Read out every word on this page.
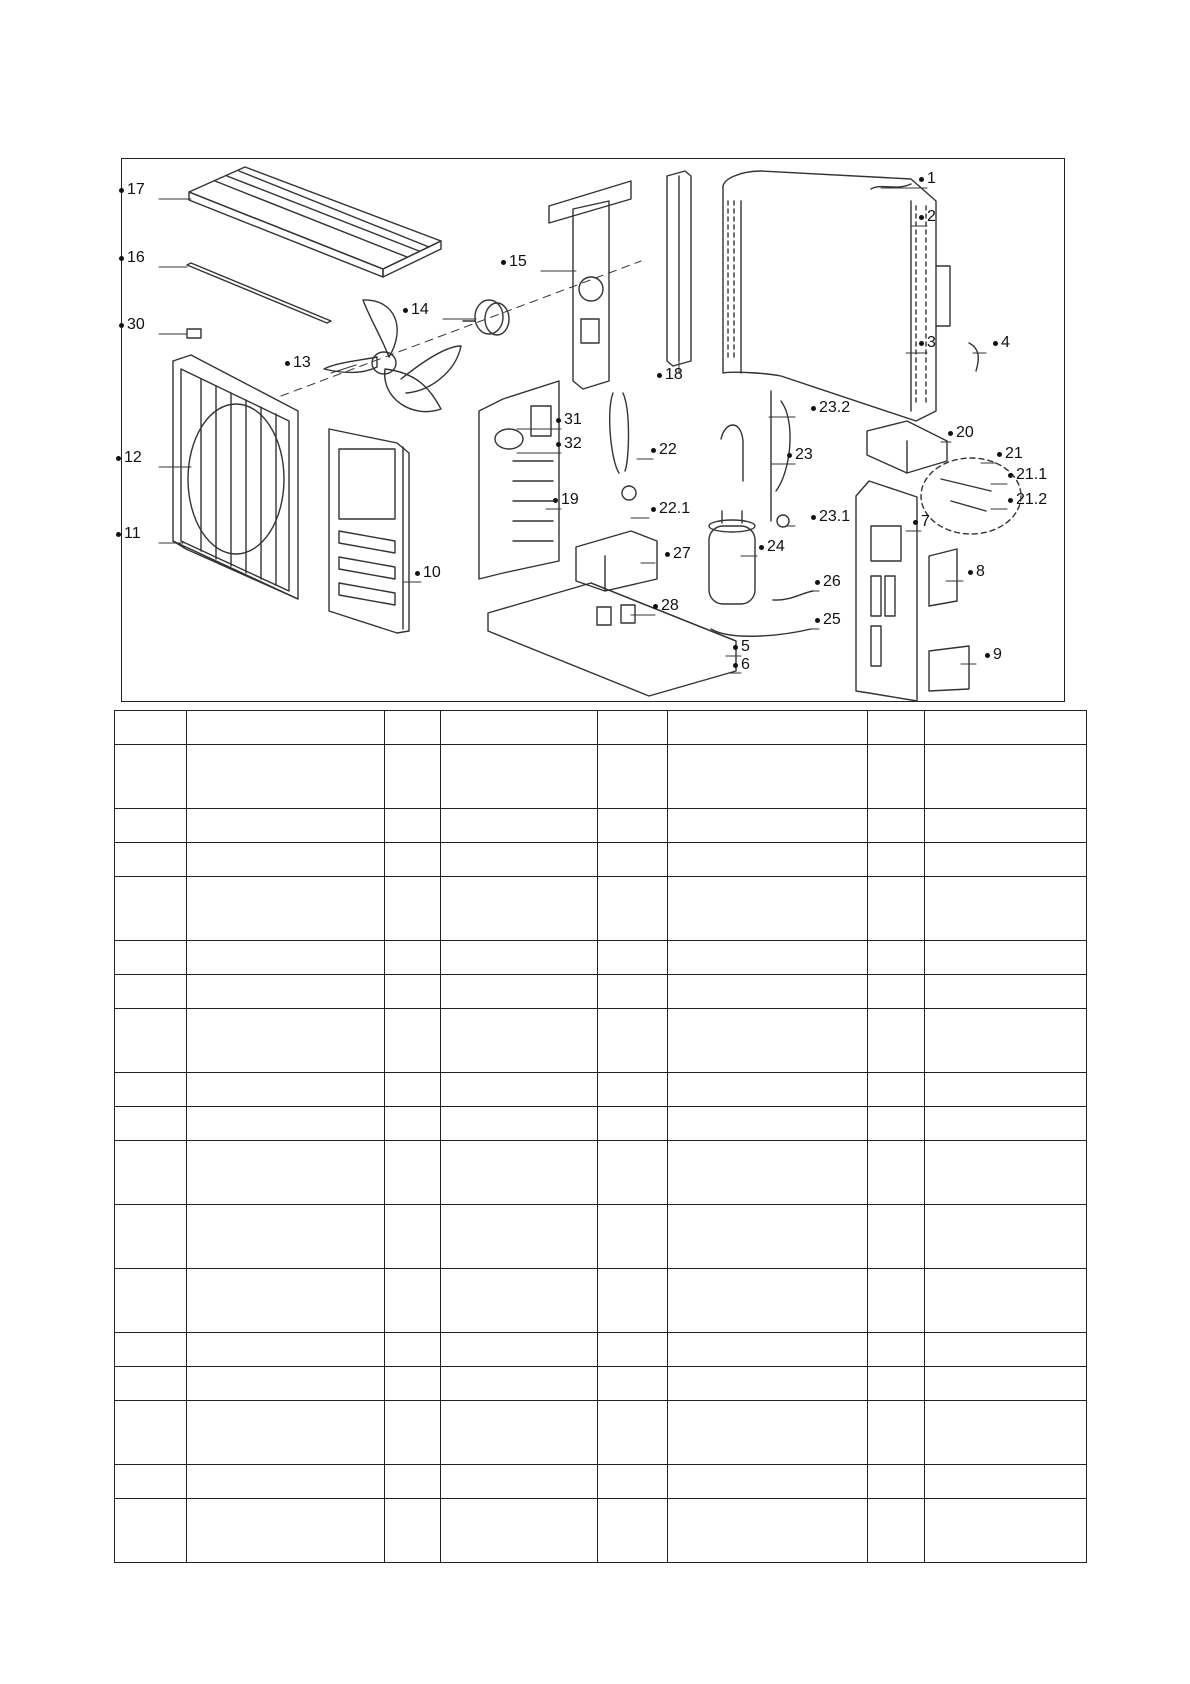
1
2
3	4
5
6
7
8
9
10
11
12
13
14
15
16
17
18
19
20
21
21.1
21.2
22
22.1
23
23.1
23.2
24
25
26
27
28
30
31
32
